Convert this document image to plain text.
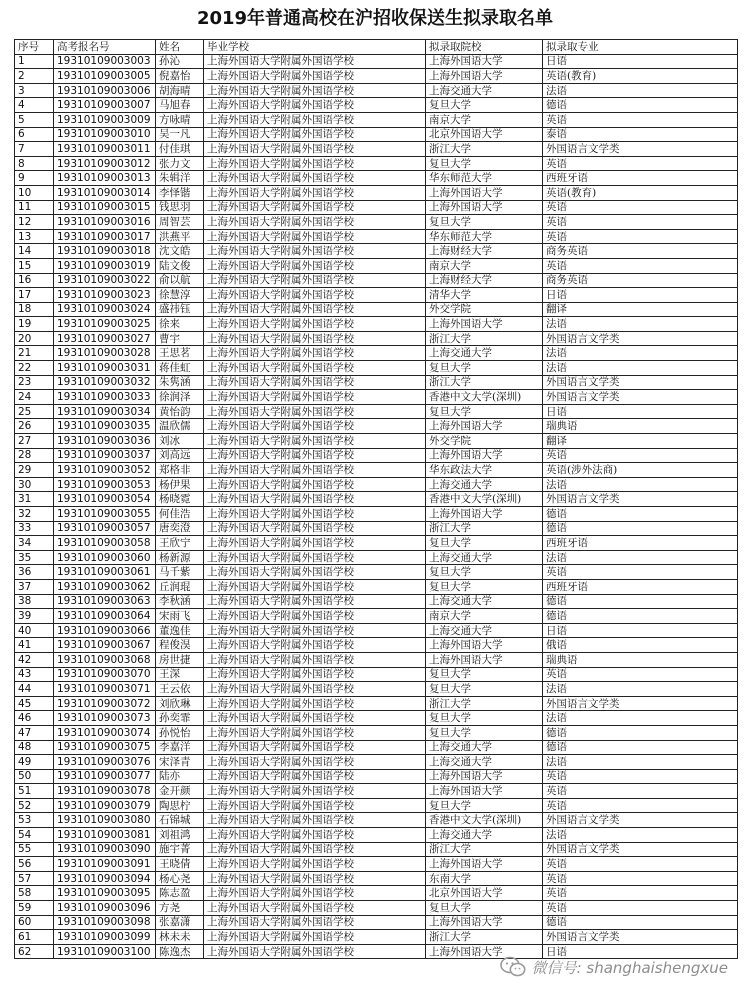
2019年普通高校在沪招收保送生拟录取名单
序号	高考报名号	姓名	毕业学校	拟录取院校	拟录取专业
1	19310109003003	孙沁	上海外国语大学附属外国语学校	上海外国语大学	日语
2	19310109003005	倪嘉怡	上海外国语大学附属外国语学校	上海外国语大学	英语(教育)
3	19310109003006	胡海晴	上海外国语大学附属外国语学校	上海交通大学	法语
4	19310109003007	马旭春	上海外国语大学附属外国语学校	复旦大学	德语
5	19310109003009	方咏晴	上海外国语大学附属外国语学校	南京大学	英语
6	19310109003010	吴一凡	上海外国语大学附属外国语学校	北京外国语大学	泰语
7	19310109003011	付佳琪	上海外国语大学附属外国语学校	浙江大学	外国语言文学类
8	19310109003012	张力文	上海外国语大学附属外国语学校	复旦大学	英语
9	19310109003013	朱辑洋	上海外国语大学附属外国语学校	华东师范大学	西班牙语
10	19310109003014	李怿锴	上海外国语大学附属外国语学校	上海外国语大学	英语(教育)
11	19310109003015	钱思羽	上海外国语大学附属外国语学校	上海外国语大学	英语
12	19310109003016	周智芸	上海外国语大学附属外国语学校	复旦大学	英语
13	19310109003017	洪燕平	上海外国语大学附属外国语学校	华东师范大学	英语
14	19310109003018	沈文皓	上海外国语大学附属外国语学校	上海财经大学	商务英语
15	19310109003019	陆文俊	上海外国语大学附属外国语学校	南京大学	英语
16	19310109003022	俞以航	上海外国语大学附属外国语学校	上海财经大学	商务英语
17	19310109003023	徐慧淳	上海外国语大学附属外国语学校	清华大学	日语
18	19310109003024	盛祎钰	上海外国语大学附属外国语学校	外交学院	翻译
19	19310109003025	徐来	上海外国语大学附属外国语学校	上海外国语大学	法语
20	19310109003027	曹宇	上海外国语大学附属外国语学校	浙江大学	外国语言文学类
21	19310109003028	王思茗	上海外国语大学附属外国语学校	上海交通大学	法语
22	19310109003031	蒋佳虹	上海外国语大学附属外国语学校	复旦大学	法语
23	19310109003032	朱隽涵	上海外国语大学附属外国语学校	浙江大学	外国语言文学类
24	19310109003033	徐润泽	上海外国语大学附属外国语学校	香港中文大学(深圳)	外国语言文学类
25	19310109003034	黄怡韵	上海外国语大学附属外国语学校	复旦大学	日语
26	19310109003035	温欣儒	上海外国语大学附属外国语学校	上海外国语大学	瑞典语
27	19310109003036	刘冰	上海外国语大学附属外国语学校	外交学院	翻译
28	19310109003037	刘高远	上海外国语大学附属外国语学校	上海外国语大学	英语
29	19310109003052	郑格非	上海外国语大学附属外国语学校	华东政法大学	英语(涉外法商)
30	19310109003053	杨伊果	上海外国语大学附属外国语学校	上海交通大学	法语
31	19310109003054	杨晓霓	上海外国语大学附属外国语学校	香港中文大学(深圳)	外国语言文学类
32	19310109003055	何佳浩	上海外国语大学附属外国语学校	上海外国语大学	德语
33	19310109003057	唐奕澄	上海外国语大学附属外国语学校	浙江大学	德语
34	19310109003058	王欣宁	上海外国语大学附属外国语学校	复旦大学	西班牙语
35	19310109003060	杨新源	上海外国语大学附属外国语学校	上海交通大学	法语
36	19310109003061	马千紫	上海外国语大学附属外国语学校	复旦大学	英语
37	19310109003062	丘润琨	上海外国语大学附属外国语学校	复旦大学	西班牙语
38	19310109003063	李秋涵	上海外国语大学附属外国语学校	上海交通大学	德语
39	19310109003064	宋雨飞	上海外国语大学附属外国语学校	南京大学	德语
40	19310109003066	董逸佳	上海外国语大学附属外国语学校	上海交通大学	日语
41	19310109003067	程俊淏	上海外国语大学附属外国语学校	上海外国语大学	俄语
42	19310109003068	房世捷	上海外国语大学附属外国语学校	上海外国语大学	瑞典语
43	19310109003070	王深	上海外国语大学附属外国语学校	复旦大学	英语
44	19310109003071	王云依	上海外国语大学附属外国语学校	复旦大学	法语
45	19310109003072	刘欣琳	上海外国语大学附属外国语学校	浙江大学	外国语言文学类
46	19310109003073	孙奕霏	上海外国语大学附属外国语学校	复旦大学	法语
47	19310109003074	孙悦怡	上海外国语大学附属外国语学校	复旦大学	德语
48	19310109003075	李嘉洋	上海外国语大学附属外国语学校	上海交通大学	德语
49	19310109003076	宋泽青	上海外国语大学附属外国语学校	上海交通大学	法语
50	19310109003077	陆亦	上海外国语大学附属外国语学校	上海外国语大学	英语
51	19310109003078	金开颜	上海外国语大学附属外国语学校	上海外国语大学	英语
52	19310109003079	陶思柠	上海外国语大学附属外国语学校	复旦大学	英语
53	19310109003080	石锦城	上海外国语大学附属外国语学校	香港中文大学(深圳)	外国语言文学类
54	19310109003081	刘祖鸿	上海外国语大学附属外国语学校	上海交通大学	法语
55	19310109003090	施宇菁	上海外国语大学附属外国语学校	浙江大学	外国语言文学类
56	19310109003091	王晓倩	上海外国语大学附属外国语学校	上海外国语大学	英语
57	19310109003094	杨心尧	上海外国语大学附属外国语学校	东南大学	英语
58	19310109003095	陈志盈	上海外国语大学附属外国语学校	北京外国语大学	英语
59	19310109003096	方尧	上海外国语大学附属外国语学校	复旦大学	英语
60	19310109003098	张嘉潇	上海外国语大学附属外国语学校	上海外国语大学	德语
61	19310109003099	林未未	上海外国语大学附属外国语学校	浙江大学	外国语言文学类
62	19310109003100	陈逸杰	上海外国语大学附属外国语学校	上海外国语大学	日语
微信号: shanghaishengxue
